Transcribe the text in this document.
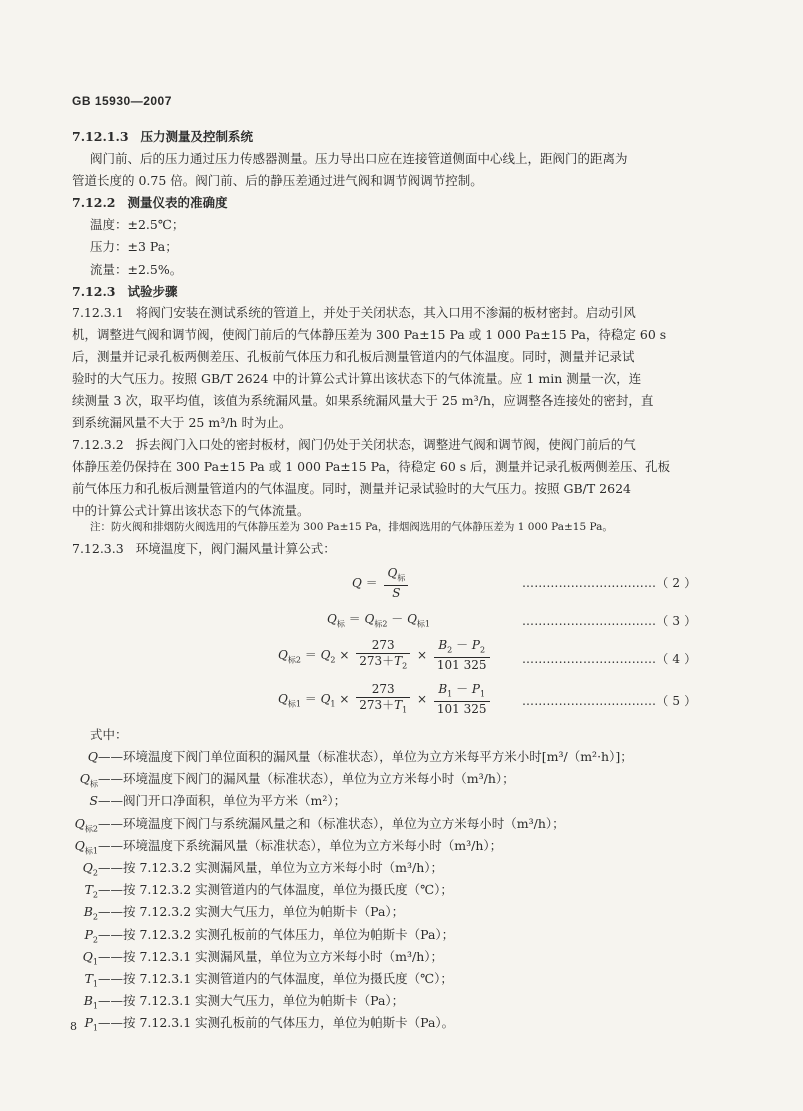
GB 15930—2007
7.12.1.3 压力测量及控制系统
阀门前、后的压力通过压力传感器测量。压力导出口应在连接管道侧面中心线上，距阀门的距离为
管道长度的 0.75 倍。阀门前、后的静压差通过进气阀和调节阀调节控制。
7.12.2 测量仪表的准确度
温度：±2.5℃；
压力：±3 Pa；
流量：±2.5%。
7.12.3 试验步骤
7.12.3.1 将阀门安装在测试系统的管道上，并处于关闭状态，其入口用不渗漏的板材密封。启动引风
机，调整进气阀和调节阀，使阀门前后的气体静压差为 300 Pa±15 Pa 或 1 000 Pa±15 Pa，待稳定 60 s
后，测量并记录孔板两侧差压、孔板前气体压力和孔板后测量管道内的气体温度。同时，测量并记录试
验时的大气压力。按照 GB/T 2624 中的计算公式计算出该状态下的气体流量。应 1 min 测量一次，连
续测量 3 次，取平均值，该值为系统漏风量。如果系统漏风量大于 25 m³/h，应调整各连接处的密封，直
到系统漏风量不大于 25 m³/h 时为止。
7.12.3.2 拆去阀门入口处的密封板材，阀门仍处于关闭状态，调整进气阀和调节阀，使阀门前后的气
体静压差仍保持在 300 Pa±15 Pa 或 1 000 Pa±15 Pa，待稳定 60 s 后，测量并记录孔板两侧差压、孔板
前气体压力和孔板后测量管道内的气体温度。同时，测量并记录试验时的大气压力。按照 GB/T 2624
中的计算公式计算出该状态下的气体流量。
注：防火阀和排烟防火阀选用的气体静压差为 300 Pa±15 Pa，排烟阀选用的气体静压差为 1 000 Pa±15 Pa。
7.12.3.3 环境温度下，阀门漏风量计算公式：
$Q = \frac{Q_标}{S}$	……………………………（ 2 ）
$Q_标 = Q_{标2} - Q_{标1}$	……………………………（ 3 ）
$Q_{标2} = Q_2 \times \frac{273}{273+T_2} \times \frac{B_2 - P_2}{101 325}$	……………………………（ 4 ）
$Q_{标1} = Q_1 \times \frac{273}{273+T_1} \times \frac{B_1 - P_1}{101 325}$	……………………………（ 5 ）
式中：
Q——环境温度下阀门单位面积的漏风量（标准状态），单位为立方米每平方米小时[m³/（m²·h）]；
$Q_标——$环境温度下阀门的漏风量（标准状态），单位为立方米每小时（m³/h）；
S——阀门开口净面积，单位为平方米（m²）；
$Q_{标2}——$环境温度下阀门与系统漏风量之和（标准状态），单位为立方米每小时（m³/h）；
$Q_{标1}——$环境温度下系统漏风量（标准状态），单位为立方米每小时（m³/h）；
$Q_2——$按 7.12.3.2 实测漏风量，单位为立方米每小时（m³/h）；
$T_2——$按 7.12.3.2 实测管道内的气体温度，单位为摄氏度（℃）；
$B_2——$按 7.12.3.2 实测大气压力，单位为帕斯卡（Pa）；
$P_2——$按 7.12.3.2 实测孔板前的气体压力，单位为帕斯卡（Pa）；
$Q_1——$按 7.12.3.1 实测漏风量，单位为立方米每小时（m³/h）；
$T_1——$按 7.12.3.1 实测管道内的气体温度，单位为摄氏度（℃）；
$B_1——$按 7.12.3.1 实测大气压力，单位为帕斯卡（Pa）；
$P_1——$按 7.12.3.1 实测孔板前的气体压力，单位为帕斯卡（Pa）。
8
